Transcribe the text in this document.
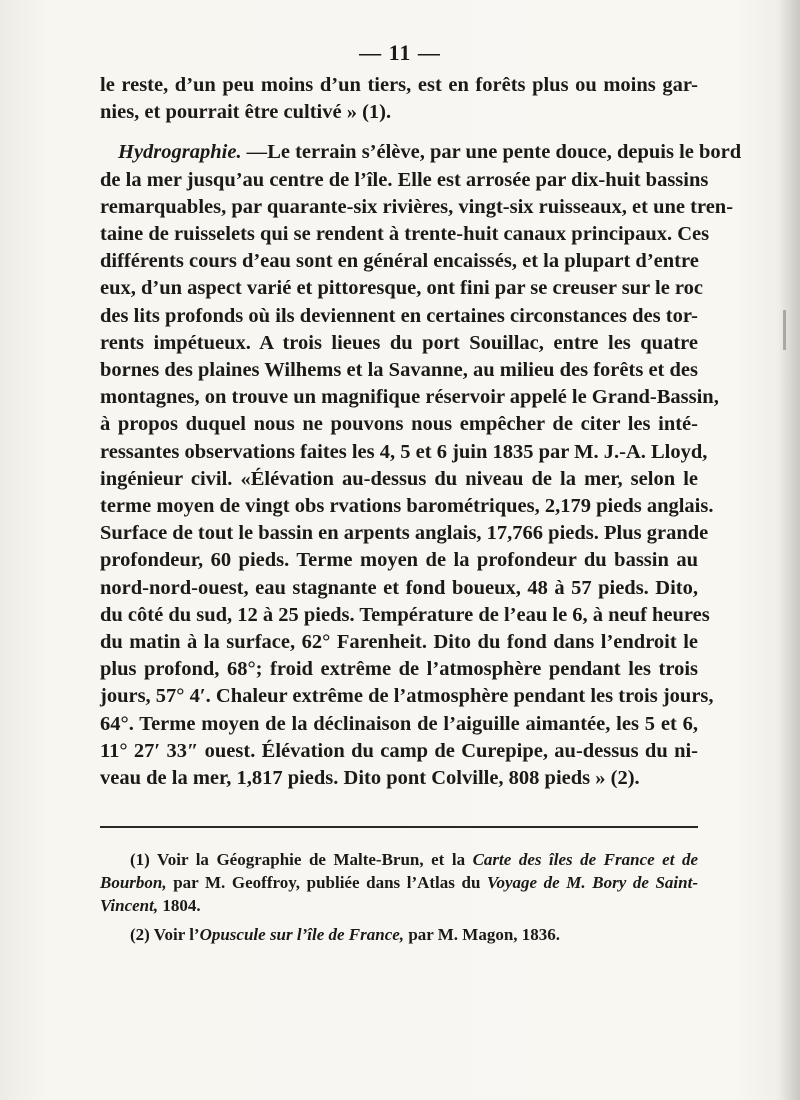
— 11 —
le reste, d’un peu moins d’un tiers, est en forêts plus ou moins gar-
nies, et pourrait être cultivé » (1).
Hydrographie. —Le terrain s’élève, par une pente douce, depuis le bord
de la mer jusqu’au centre de l’île. Elle est arrosée par dix-huit bassins
remarquables, par quarante-six rivières, vingt-six ruisseaux, et une tren-
taine de ruisselets qui se rendent à trente-huit canaux principaux. Ces
différents cours d’eau sont en général encaissés, et la plupart d’entre
eux, d’un aspect varié et pittoresque, ont fini par se creuser sur le roc
des lits profonds où ils deviennent en certaines circonstances des tor-
rents impétueux. A trois lieues du port Souillac, entre les quatre
bornes des plaines Wilhems et la Savanne, au milieu des forêts et des
montagnes, on trouve un magnifique réservoir appelé le Grand-Bassin,
à propos duquel nous ne pouvons nous empêcher de citer les inté-
ressantes observations faites les 4, 5 et 6 juin 1835 par M. J.-A. Lloyd,
ingénieur civil. «Élévation au-dessus du niveau de la mer, selon le
terme moyen de vingt obs rvations barométriques, 2,179 pieds anglais.
Surface de tout le bassin en arpents anglais, 17,766 pieds. Plus grande
profondeur, 60 pieds. Terme moyen de la profondeur du bassin au
nord-nord-ouest, eau stagnante et fond boueux, 48 à 57 pieds. Dito,
du côté du sud, 12 à 25 pieds. Température de l’eau le 6, à neuf heures
du matin à la surface, 62° Farenheit. Dito du fond dans l’endroit le
plus profond, 68°; froid extrême de l’atmosphère pendant les trois
jours, 57° 4′. Chaleur extrême de l’atmosphère pendant les trois jours,
64°. Terme moyen de la déclinaison de l’aiguille aimantée, les 5 et 6,
11° 27′ 33″ ouest. Élévation du camp de Curepipe, au-dessus du ni-
veau de la mer, 1,817 pieds. Dito pont Colville, 808 pieds » (2).
(1) Voir la Géographie de Malte-Brun, et la Carte des îles de France et de
Bourbon, par M. Geoffroy, publiée dans l’Atlas du Voyage de M. Bory de Saint-
Vincent, 1804.
(2) Voir l’Opuscule sur l’île de France, par M. Magon, 1836.
